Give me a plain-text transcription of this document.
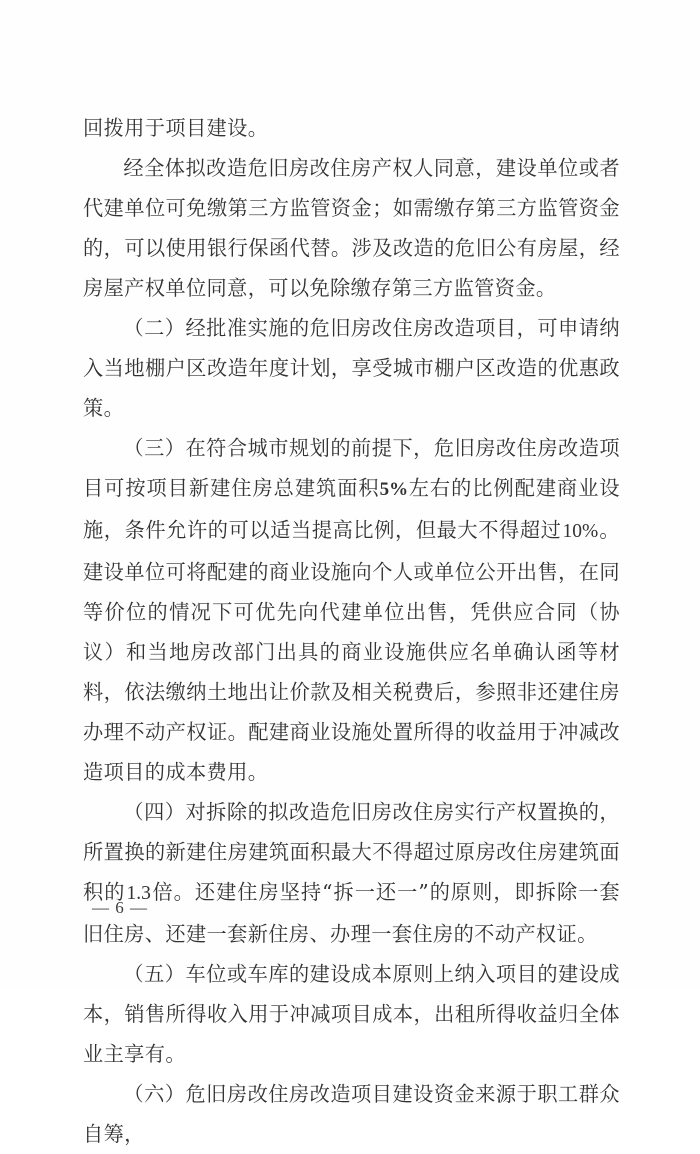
回拨用于项目建设。

经全体拟改造危旧房改住房产权人同意，建设单位或者代建单位可免缴第三方监管资金；如需缴存第三方监管资金的，可以使用银行保函代替。涉及改造的危旧公有房屋，经房屋产权单位同意，可以免除缴存第三方监管资金。

（二）经批准实施的危旧房改住房改造项目，可申请纳入当地棚户区改造年度计划，享受城市棚户区改造的优惠政策。

（三）在符合城市规划的前提下，危旧房改住房改造项目可按项目新建住房总建筑面积5%左右的比例配建商业设施，条件允许的可以适当提高比例，但最大不得超过10%。建设单位可将配建的商业设施向个人或单位公开出售，在同等价位的情况下可优先向代建单位出售，凭供应合同（协议）和当地房改部门出具的商业设施供应名单确认函等材料，依法缴纳土地出让价款及相关税费后，参照非还建住房办理不动产权证。配建商业设施处置所得的收益用于冲减改造项目的成本费用。

（四）对拆除的拟改造危旧房改住房实行产权置换的，所置换的新建住房建筑面积最大不得超过原房改住房建筑面积的1.3倍。还建住房坚持“拆一还一”的原则，即拆除一套旧住房、还建一套新住房、办理一套住房的不动产权证。

（五）车位或车库的建设成本原则上纳入项目的建设成本，销售所得收入用于冲减项目成本，出租所得收益归全体业主享有。

（六）危旧房改住房改造项目建设资金来源于职工群众自筹，

— 6 —
